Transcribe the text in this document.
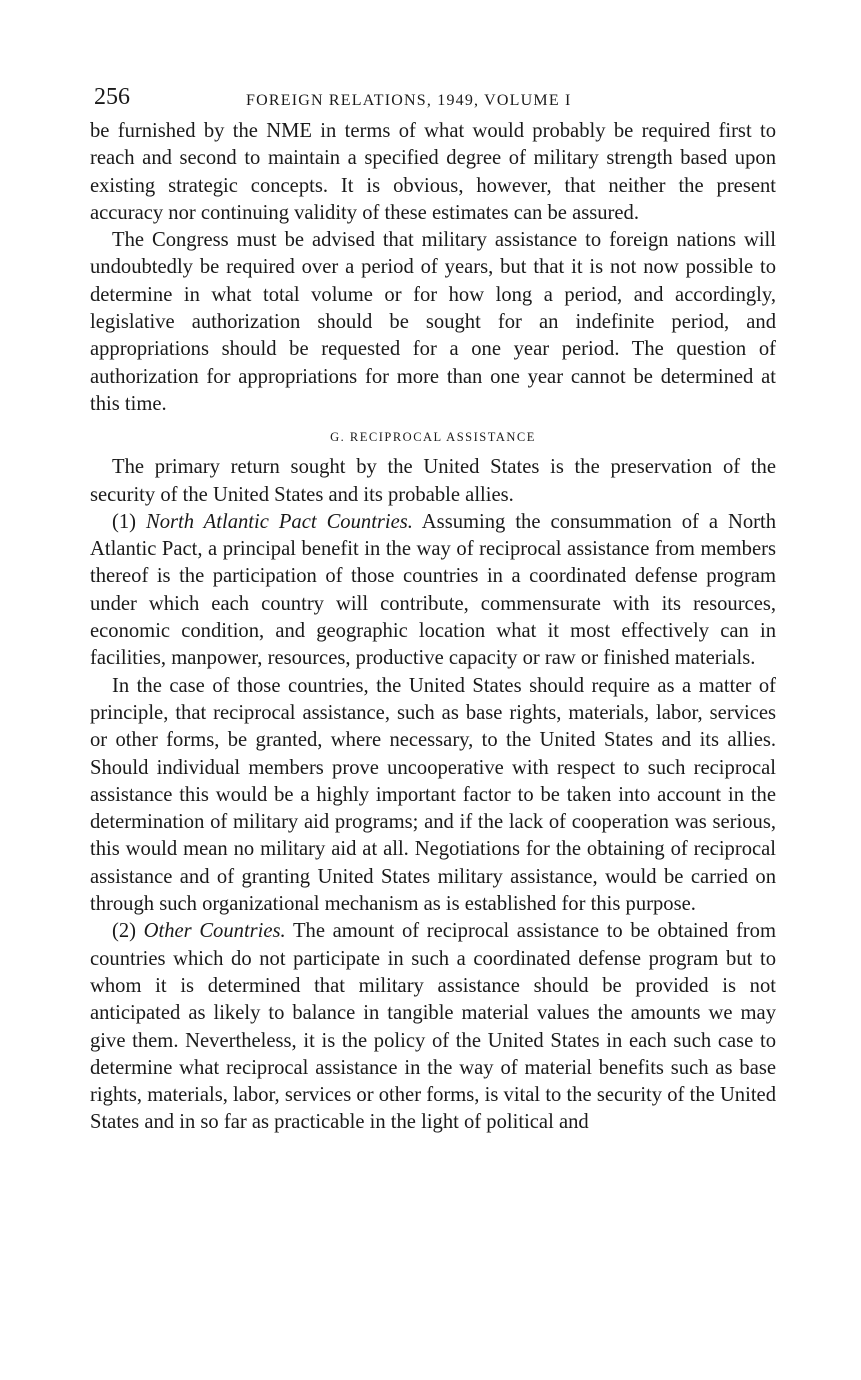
256	FOREIGN RELATIONS, 1949, VOLUME I

be furnished by the NME in terms of what would probably be required first to reach and second to maintain a specified degree of military strength based upon existing strategic concepts. It is obvious, however, that neither the present accuracy nor continuing validity of these estimates can be assured.

The Congress must be advised that military assistance to foreign nations will undoubtedly be required over a period of years, but that it is not now possible to determine in what total volume or for how long a period, and accordingly, legislative authorization should be sought for an indefinite period, and appropriations should be requested for a one year period. The question of authorization for appropriations for more than one year cannot be determined at this time.

G. RECIPROCAL ASSISTANCE

The primary return sought by the United States is the preservation of the security of the United States and its probable allies.

(1) North Atlantic Pact Countries. Assuming the consummation of a North Atlantic Pact, a principal benefit in the way of reciprocal assistance from members thereof is the participation of those countries in a coordinated defense program under which each country will contribute, commensurate with its resources, economic condition, and geographic location what it most effectively can in facilities, manpower, resources, productive capacity or raw or finished materials.

In the case of those countries, the United States should require as a matter of principle, that reciprocal assistance, such as base rights, materials, labor, services or other forms, be granted, where necessary, to the United States and its allies. Should individual members prove uncooperative with respect to such reciprocal assistance this would be a highly important factor to be taken into account in the determination of military aid programs; and if the lack of cooperation was serious, this would mean no military aid at all. Negotiations for the obtaining of reciprocal assistance and of granting United States military assistance, would be carried on through such organizational mechanism as is established for this purpose.

(2) Other Countries. The amount of reciprocal assistance to be obtained from countries which do not participate in such a coordinated defense program but to whom it is determined that military assistance should be provided is not anticipated as likely to balance in tangible material values the amounts we may give them. Nevertheless, it is the policy of the United States in each such case to determine what reciprocal assistance in the way of material benefits such as base rights, materials, labor, services or other forms, is vital to the security of the United States and in so far as practicable in the light of political and
